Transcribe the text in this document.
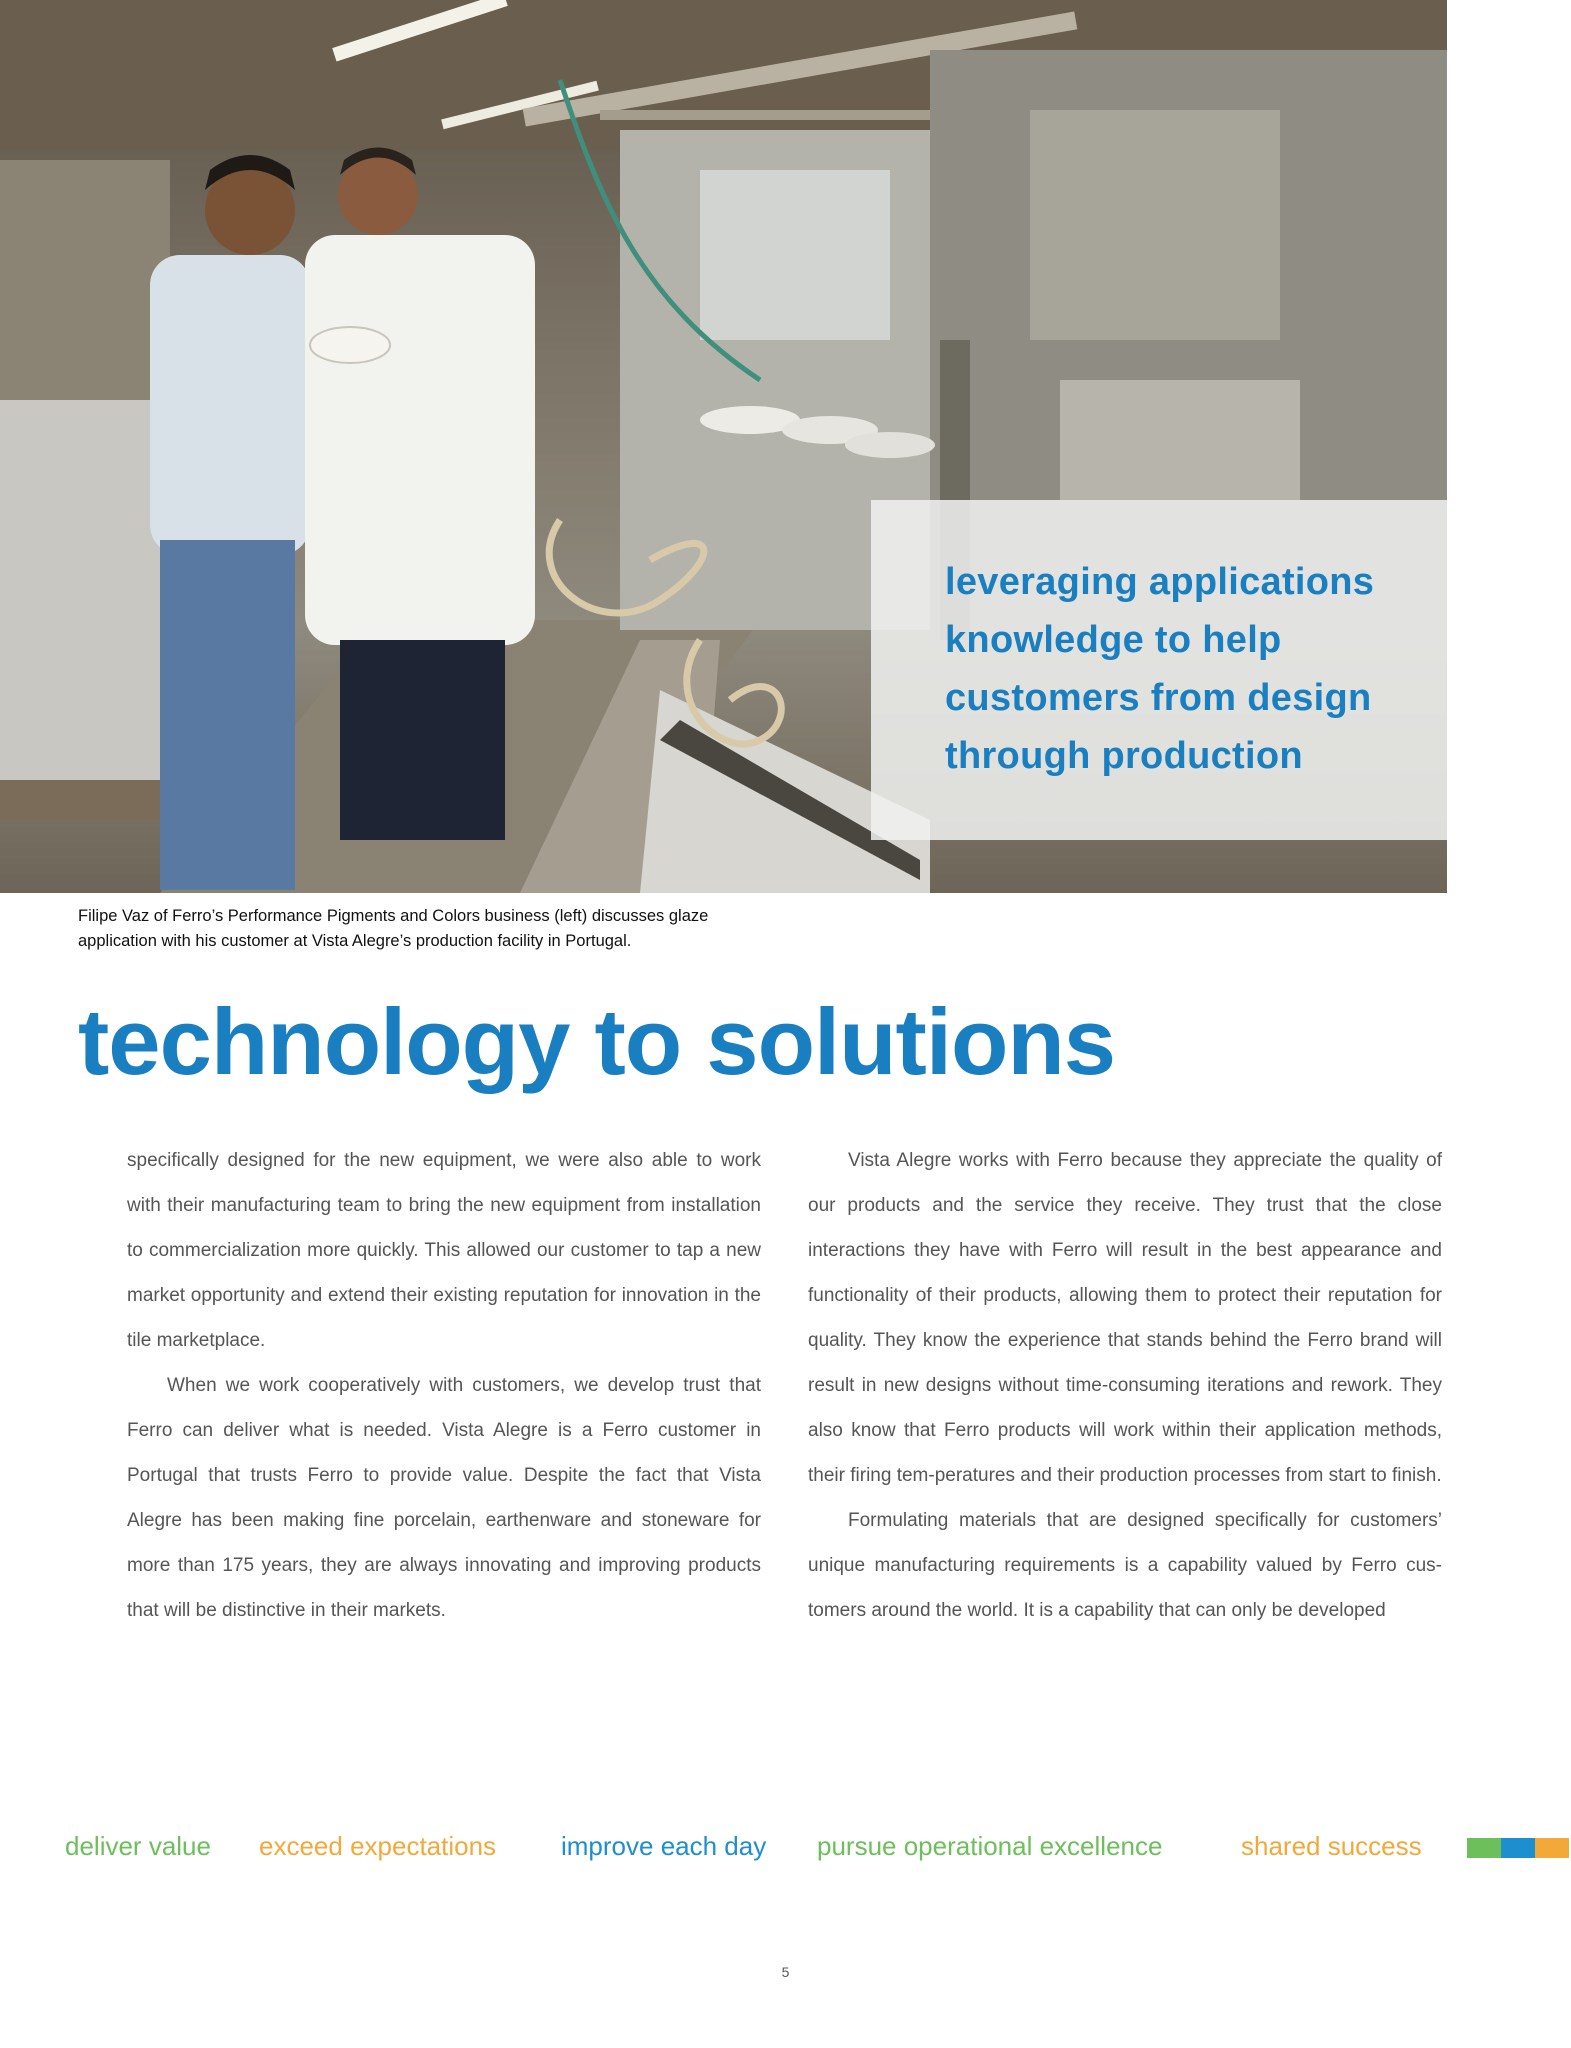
leveraging applications
knowledge to help
customers from design
through production
Filipe Vaz of Ferro’s Performance Pigments and Colors business (left) discusses glaze
application with his customer at Vista Alegre’s production facility in Portugal.
technology to solutions

specifically designed for the new equipment, we were also able to work with their manufacturing team to bring the new equipment from installation to commercialization more quickly. This allowed our customer to tap a new market opportunity and extend their existing reputation for innovation in the tile marketplace.

When we work cooperatively with customers, we develop trust that Ferro can deliver what is needed. Vista Alegre is a Ferro customer in Portugal that trusts Ferro to provide value. Despite the fact that Vista Alegre has been making fine porcelain, earthenware and stoneware for more than 175 years, they are always innovating and improving products that will be distinctive in their markets.

Vista Alegre works with Ferro because they appreciate the quality of our products and the service they receive. They trust that the close interactions they have with Ferro will result in the best appearance and functionality of their products, allowing them to protect their reputation for quality. They know the experience that stands behind the Ferro brand will result in new designs without time-consuming iterations and rework. They also know that Ferro products will work within their application methods, their firing tem-peratures and their production processes from start to finish.

Formulating materials that are designed specifically for customers’ unique manufacturing requirements is a capability valued by Ferro cus-tomers around the world. It is a capability that can only be developed

deliver value exceed expectations improve each day pursue operational excellence	shared success
5
